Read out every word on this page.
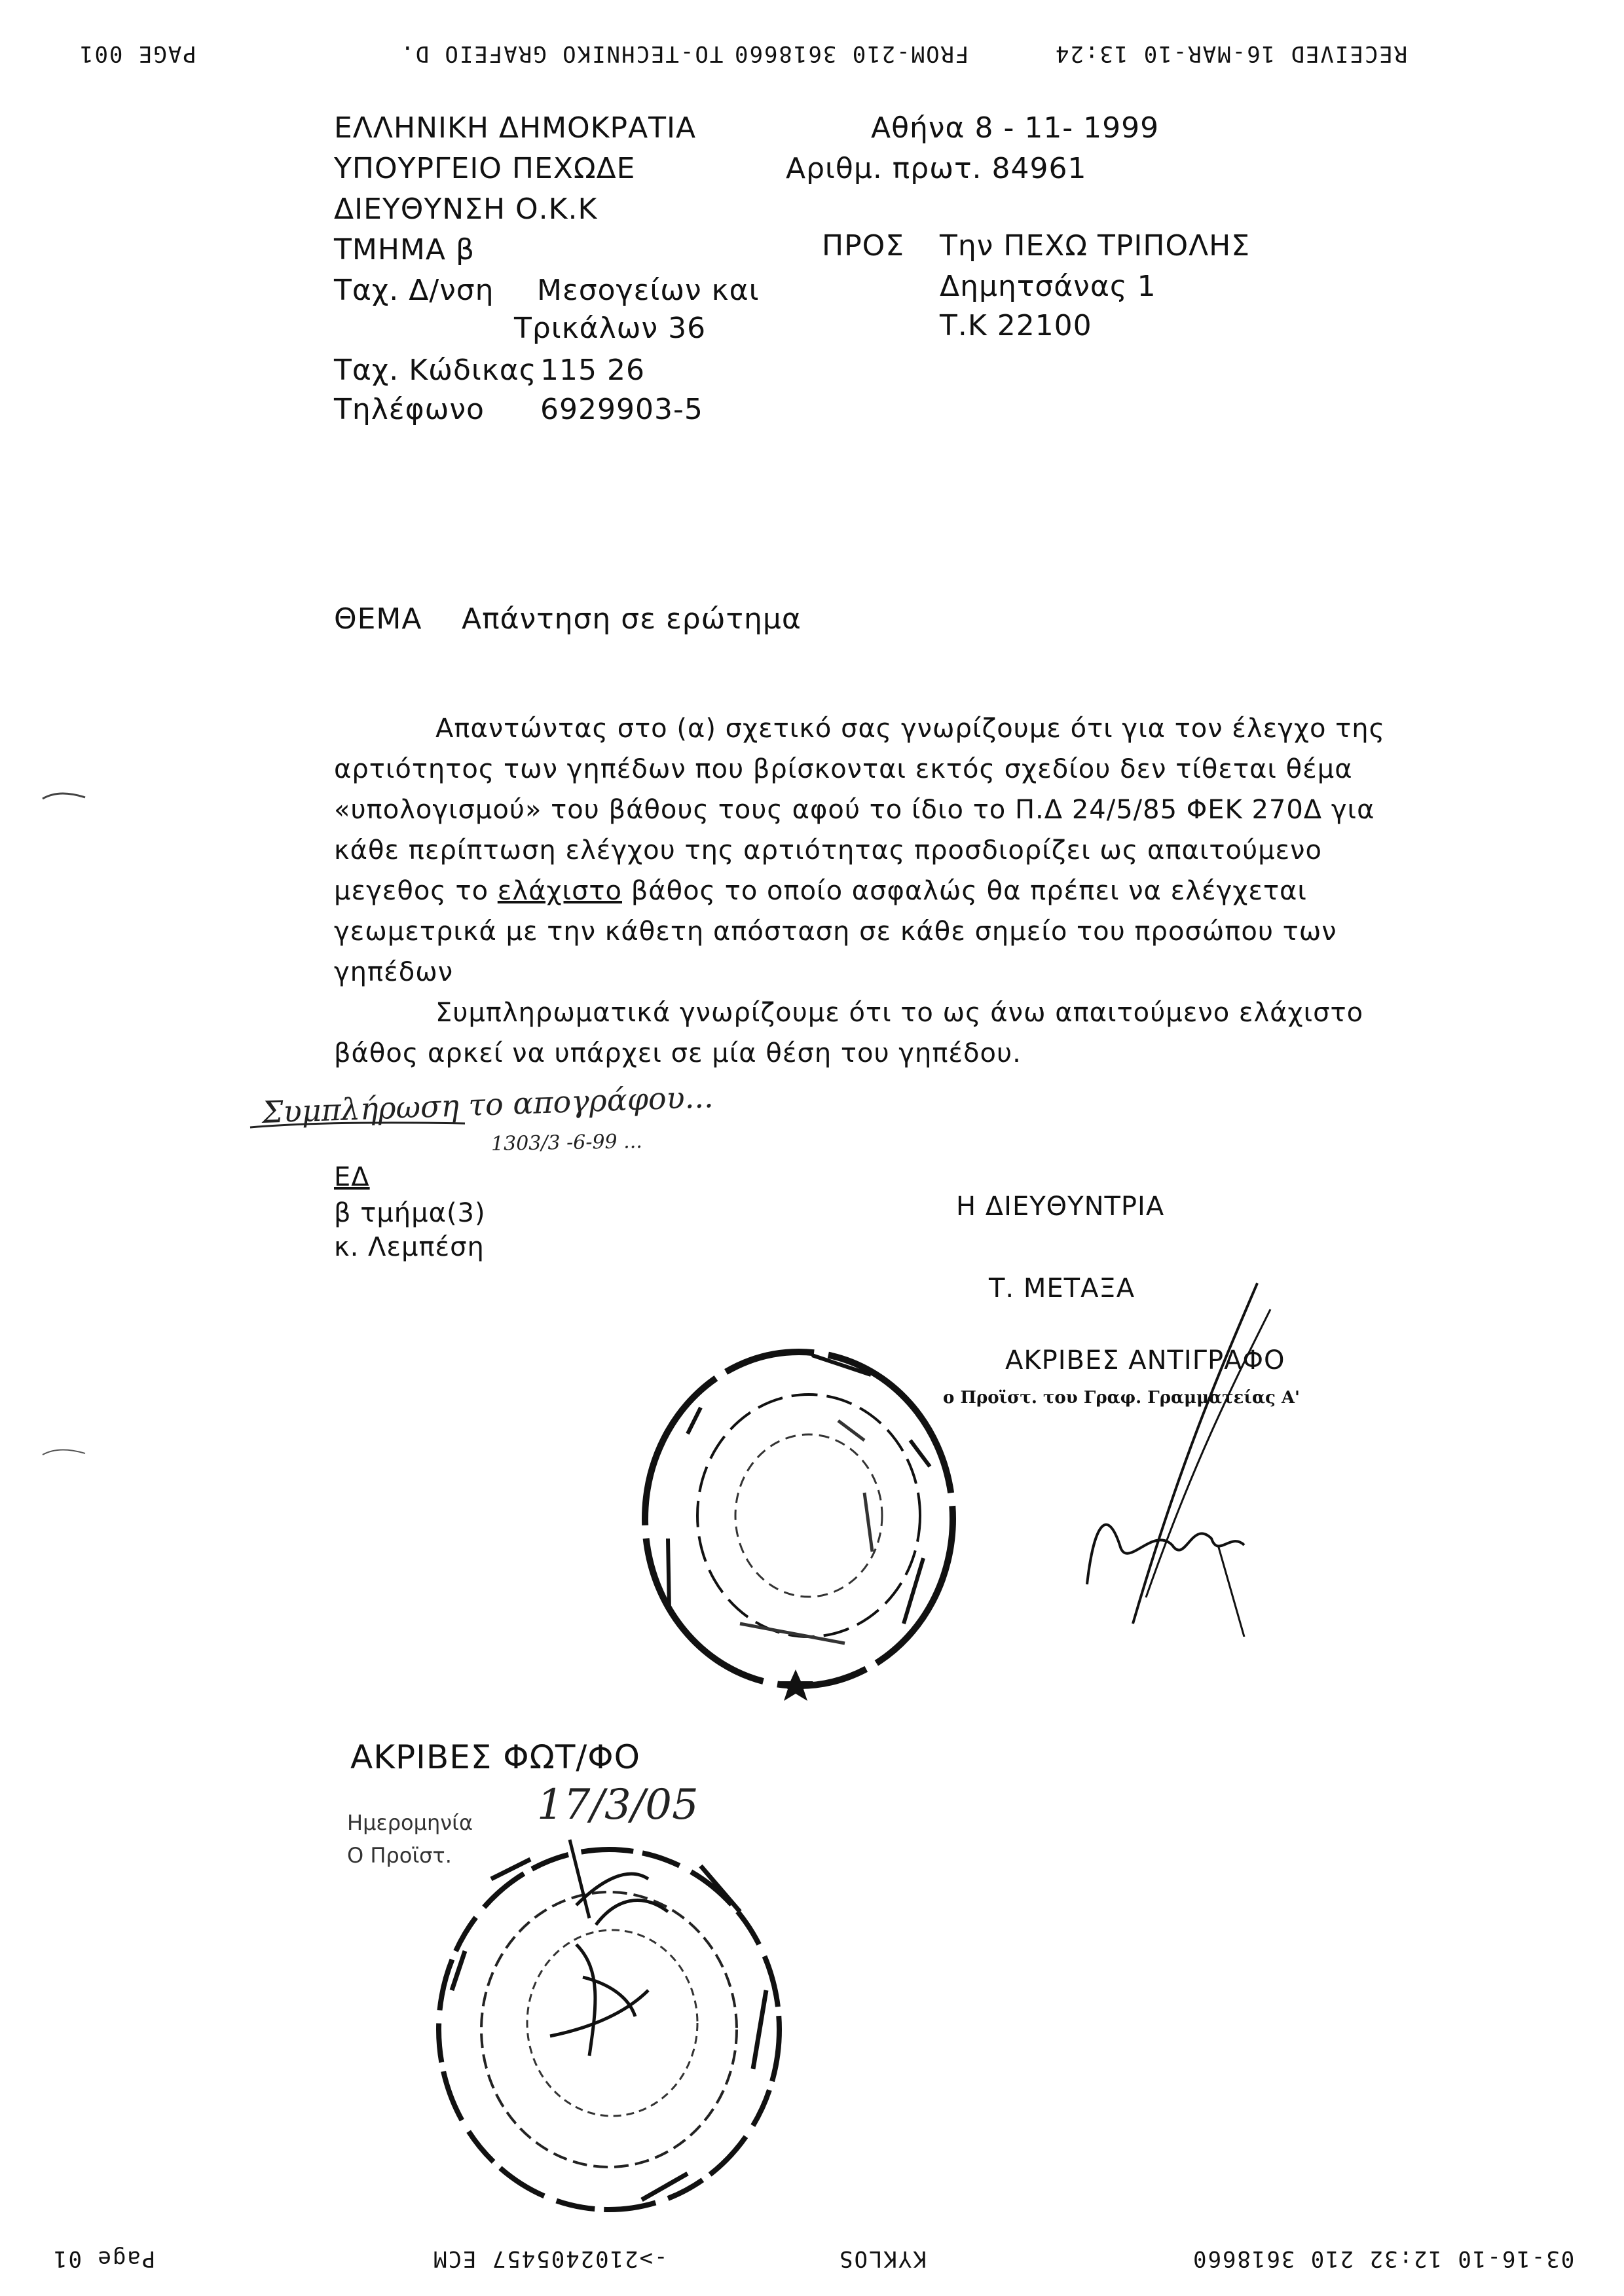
RECEIVED 16-MAR-10 13:24
FROM-210 3618660
TO-TECHNIKO GRAFEIO D.
PAGE 001
ΕΛΛΗΝΙΚΗ ΔΗΜΟΚΡΑΤΙΑ
ΥΠΟΥΡΓΕΙΟ ΠΕΧΩΔΕ
ΔΙΕΥΘΥΝΣΗ Ο.Κ.Κ
ΤΜΗΜΑ β
Ταχ. Δ/νση Μεσογείων και
Τρικάλων 36
Ταχ. Κώδικας 115 26
Τηλέφωνο 6929903-5
Αθήνα 8 - 11- 1999
Αριθμ. πρωτ. 84961
ΠΡΟΣ Την ΠΕΧΩ ΤΡΙΠΟΛΗΣ
Δημητσάνας 1
Τ.Κ 22100
ΘΕΜΑ Απάντηση σε ερώτημα
Απαντώντας στο (α) σχετικό σας γνωρίζουμε ότι για τον έλεγχο της
αρτιότητος των γηπέδων που βρίσκονται εκτός σχεδίου δεν τίθεται θέμα
«υπολογισμού» του βάθους τους αφού το ίδιο το Π.Δ 24/5/85 ΦΕΚ 270Δ για
κάθε περίπτωση ελέγχου της αρτιότητας προσδιορίζει ως απαιτούμενο
μεγεθος το ελάχιστο βάθος το οποίο ασφαλώς θα πρέπει να ελέγχεται
γεωμετρικά με την κάθετη απόσταση σε κάθε σημείο του προσώπου των
γηπέδων
Συμπληρωματικά γνωρίζουμε ότι το ως άνω απαιτούμενο ελάχιστο
βάθος αρκεί να υπάρχει σε μία θέση του γηπέδου.
Συμπλήρωση το απογράφου...
1303/3 -6-99 ...
ΕΔ
β τμήμα(3)
κ. Λεμπέση
Η ΔΙΕΥΘΥΝΤΡΙΑ
Τ. ΜΕΤΑΞΑ
ΑΚΡΙΒΕΣ ΑΝΤΙΓΡΑΦΟ
ο Προϊστ. του Γραφ. Γραμματείας Α'
ΑΚΡΙΒΕΣ ΦΩΤ/ΦΟ
Ημερομηνία 17/3/05
Ο Προϊστ.
03-16-10 12:32 210 3618660
KYKLOS
->2102405457 ECM
Page 01
